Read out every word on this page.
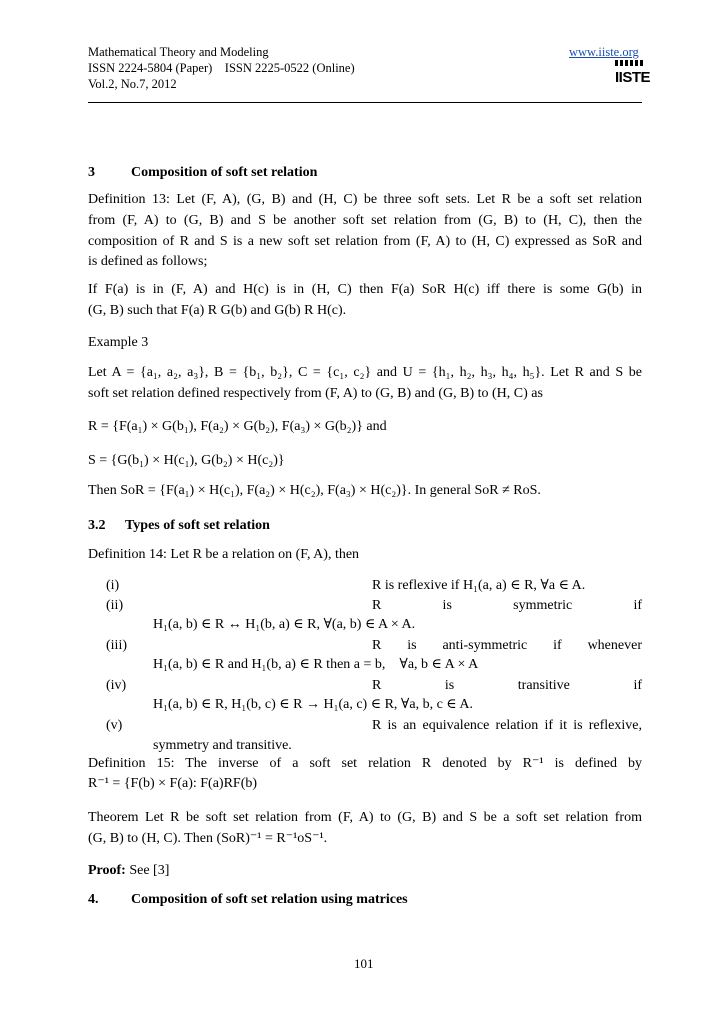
Mathematical Theory and Modeling
ISSN 2224-5804 (Paper)    ISSN 2225-0522 (Online)
Vol.2, No.7, 2012
www.iiste.org
IISTE
3	Composition of soft set relation
Definition 13: Let (F, A), (G, B) and (H, C) be three soft sets. Let R be a soft set relation
from (F, A) to (G, B) and S be another soft set relation from (G, B) to (H, C), then the
composition of R and S is a new soft set relation from (F, A) to (H, C) expressed as SoR and
is defined as follows;
If F(a) is in (F, A) and H(c) is in (H, C) then F(a) SoR H(c) iff there is some G(b) in
(G, B) such that F(a) R G(b) and G(b) R H(c).
Example 3
Let A = {a₁, a₂, a₃}, B = {b₁, b₂}, C = {c₁, c₂} and U = {h₁, h₂, h₃, h₄, h₅}. Let R and S be
soft set relation defined respectively from (F, A) to (G, B) and (G, B) to (H, C) as
R = {F(a₁) × G(b₁), F(a₂) × G(b₂), F(a₃) × G(b₂)} and
S = {G(b₁) × H(c₁), G(b₂) × H(c₂)}
Then SoR = {F(a₁) × H(c₁), F(a₂) × H(c₂), F(a₃) × H(c₂)}. In general SoR ≠ RoS.
3.2 Types of soft set relation
Definition 14: Let R be a relation on (F, A), then
(i)	R is reflexive if H₁(a, a) ∈ R, ∀a ∈ A.
(ii)	R is symmetric if
H₁(a, b) ∈ R ↔ H₁(b, a) ∈ R, ∀(a, b) ∈ A × A.
(iii)	R is anti-symmetric if whenever
H₁(a, b) ∈ R and H₁(b, a) ∈ R then a = b,    ∀a, b ∈ A × A
(iv)	R is transitive if
H₁(a, b) ∈ R, H₁(b, c) ∈ R → H₁(a, c) ∈ R, ∀a, b, c ∈ A.
(v)	R is an equivalence relation if it is reflexive,
symmetry and transitive.
Definition 15: The inverse of a soft set relation R denoted by R⁻¹ is defined by
R⁻¹ = {F(b) × F(a): F(a)RF(b)
Theorem Let R be soft set relation from (F, A) to (G, B) and S be a soft set relation from
(G, B) to (H, C). Then (SoR)⁻¹ = R⁻¹oS⁻¹.
Proof: See [3]
4. Composition of soft set relation using matrices
101
